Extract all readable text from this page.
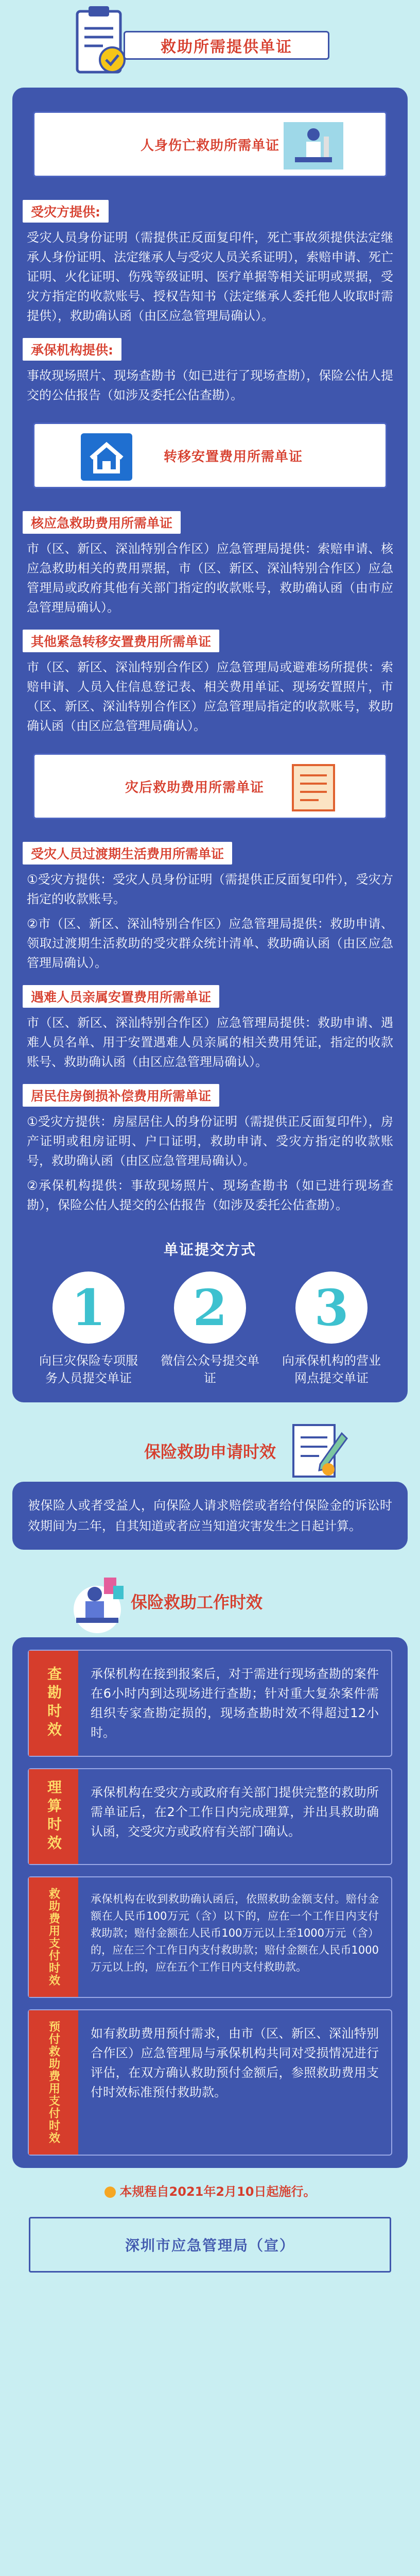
救助所需提供单证
人身伤亡救助所需单证
受灾方提供:

受灾人员身份证明（需提供正反面复印件，死亡事故须提供法定继承人身份证明、法定继承人与受灾人员关系证明），索赔申请、死亡证明、火化证明、伤残等级证明、医疗单据等相关证明或票据，受灾方指定的收款账号、授权告知书（法定继承人委托他人收取时需提供），救助确认函（由区应急管理局确认）。

承保机构提供:

事故现场照片、现场查勘书（如已进行了现场查勘），保险公估人提交的公估报告（如涉及委托公估查勘）。

转移安置费用所需单证
核应急救助费用所需单证

市（区、新区、深汕特别合作区）应急管理局提供：索赔申请、核应急救助相关的费用票据，市（区、新区、深汕特别合作区）应急管理局或政府其他有关部门指定的收款账号，救助确认函（由市应急管理局确认）。

其他紧急转移安置费用所需单证

市（区、新区、深汕特别合作区）应急管理局或避难场所提供：索赔申请、人员入住信息登记表、相关费用单证、现场安置照片，市（区、新区、深汕特别合作区）应急管理局指定的收款账号，救助确认函（由区应急管理局确认）。

灾后救助费用所需单证
受灾人员过渡期生活费用所需单证

①受灾方提供：受灾人员身份证明（需提供正反面复印件），受灾方指定的收款账号。

②市（区、新区、深汕特别合作区）应急管理局提供：救助申请、领取过渡期生活救助的受灾群众统计清单、救助确认函（由区应急管理局确认）。

遇难人员亲属安置费用所需单证

市（区、新区、深汕特别合作区）应急管理局提供：救助申请、遇难人员名单、用于安置遇难人员亲属的相关费用凭证，指定的收款账号、救助确认函（由区应急管理局确认）。

居民住房倒损补偿费用所需单证

①受灾方提供：房屋居住人的身份证明（需提供正反面复印件），房产证明或租房证明、户口证明，救助申请、受灾方指定的收款账号，救助确认函（由区应急管理局确认）。

②承保机构提供：事故现场照片、现场查勘书（如已进行现场查勘），保险公估人提交的公估报告（如涉及委托公估查勘）。

单证提交方式
1
向巨灾保险专项服务人员提交单证
2
微信公众号提交单证
3
向承保机构的营业网点提交单证
保险救助申请时效
被保险人或者受益人，向保险人请求赔偿或者给付保险金的诉讼时效期间为二年，自其知道或者应当知道灾害发生之日起计算。
保险救助工作时效
查勘时效	承保机构在接到报案后，对于需进行现场查勘的案件在6小时内到达现场进行查勘；针对重大复杂案件需组织专家查勘定损的，现场查勘时效不得超过12小时。
理算时效	承保机构在受灾方或政府有关部门提供完整的救助所需单证后，在2个工作日内完成理算，并出具救助确认函，交受灾方或政府有关部门确认。
救助费用支付时效	承保机构在收到救助确认函后，依照救助金额支付。赔付金额在人民币100万元（含）以下的，应在一个工作日内支付救助款；赔付金额在人民币100万元以上至1000万元（含）的，应在三个工作日内支付救助款；赔付金额在人民币1000万元以上的，应在五个工作日内支付救助款。
预付救助费用支付时效	如有救助费用预付需求，由市（区、新区、深汕特别合作区）应急管理局与承保机构共同对受损情况进行评估，在双方确认救助预付金额后，参照救助费用支付时效标准预付救助款。
本规程自2021年2月10日起施行。
深圳市应急管理局（宣）
